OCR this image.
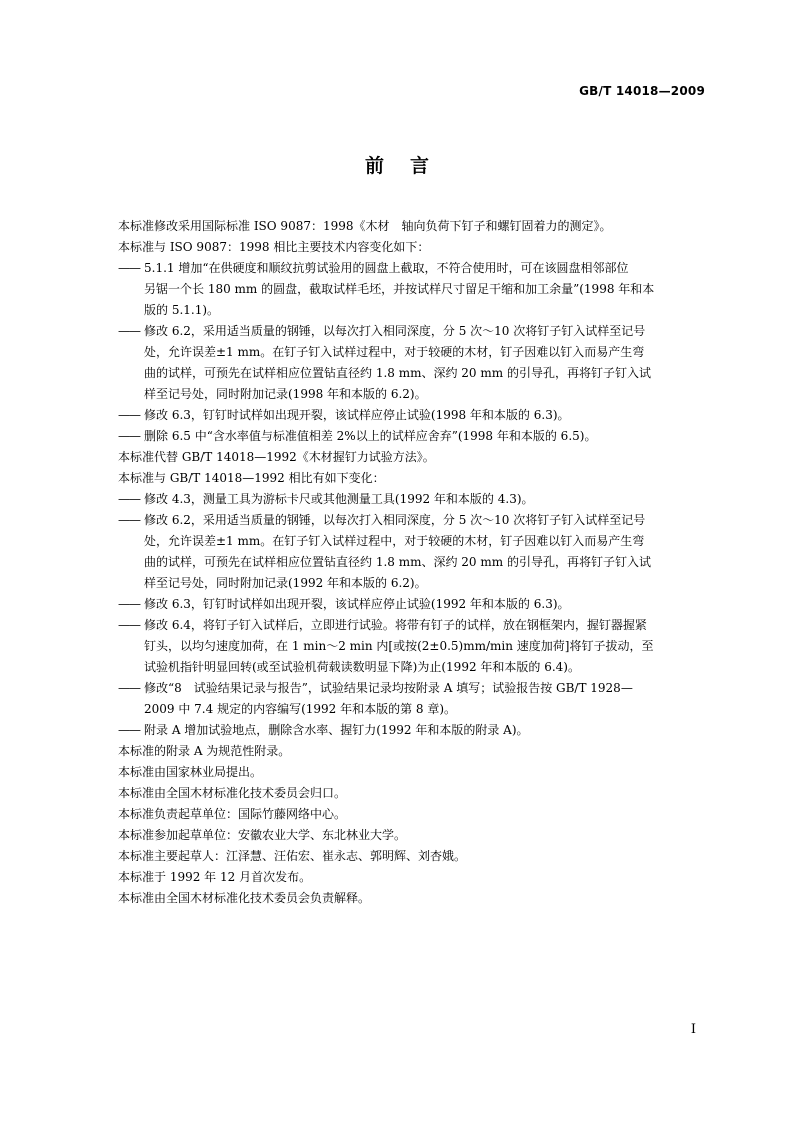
GB/T 14018—2009
前言

本标准修改采用国际标准 ISO 9087：1998《木材　轴向负荷下钉子和螺钉固着力的测定》。

本标准与 ISO 9087：1998 相比主要技术内容变化如下：

—— 5.1.1 增加“在供硬度和顺纹抗剪试验用的圆盘上截取，不符合使用时，可在该圆盘相邻部位
另锯一个长 180 mm 的圆盘，截取试样毛坯，并按试样尺寸留足干缩和加工余量”(1998 年和本
版的 5.1.1)。
—— 修改 6.2，采用适当质量的钢锤，以每次打入相同深度，分 5 次～10 次将钉子钉入试样至记号
处，允许误差±1 mm。在钉子钉入试样过程中，对于较硬的木材，钉子因难以钉入而易产生弯
曲的试样，可预先在试样相应位置钻直径约 1.8 mm、深约 20 mm 的引导孔，再将钉子钉入试
样至记号处，同时附加记录(1998 年和本版的 6.2)。
—— 修改 6.3，钉钉时试样如出现开裂，该试样应停止试验(1998 年和本版的 6.3)。
—— 删除 6.5 中“含水率值与标准值相差 2%以上的试样应舍弃”(1998 年和本版的 6.5)。

本标准代替 GB/T 14018—1992《木材握钉力试验方法》。

本标准与 GB/T 14018—1992 相比有如下变化：

—— 修改 4.3，测量工具为游标卡尺或其他测量工具(1992 年和本版的 4.3)。
—— 修改 6.2，采用适当质量的钢锤，以每次打入相同深度，分 5 次～10 次将钉子钉入试样至记号
处，允许误差±1 mm。在钉子钉入试样过程中，对于较硬的木材，钉子因难以钉入而易产生弯
曲的试样，可预先在试样相应位置钻直径约 1.8 mm、深约 20 mm 的引导孔，再将钉子钉入试
样至记号处，同时附加记录(1992 年和本版的 6.2)。
—— 修改 6.3，钉钉时试样如出现开裂，该试样应停止试验(1992 年和本版的 6.3)。
—— 修改 6.4，将钉子钉入试样后，立即进行试验。将带有钉子的试样，放在钢框架内，握钉器握紧
钉头，以均匀速度加荷，在 1 min～2 min 内[或按(2±0.5)mm/min 速度加荷]将钉子拔动，至
试验机指针明显回转(或至试验机荷载读数明显下降)为止(1992 年和本版的 6.4)。
—— 修改“8　试验结果记录与报告”，试验结果记录均按附录 A 填写；试验报告按 GB/T 1928—
2009 中 7.4 规定的内容编写(1992 年和本版的第 8 章)。
—— 附录 A 增加试验地点，删除含水率、握钉力(1992 年和本版的附录 A)。

本标准的附录 A 为规范性附录。

本标准由国家林业局提出。

本标准由全国木材标准化技术委员会归口。

本标准负责起草单位：国际竹藤网络中心。

本标准参加起草单位：安徽农业大学、东北林业大学。

本标准主要起草人：江泽慧、汪佑宏、崔永志、郭明辉、刘杏娥。

本标准于 1992 年 12 月首次发布。

本标准由全国木材标准化技术委员会负责解释。

I
